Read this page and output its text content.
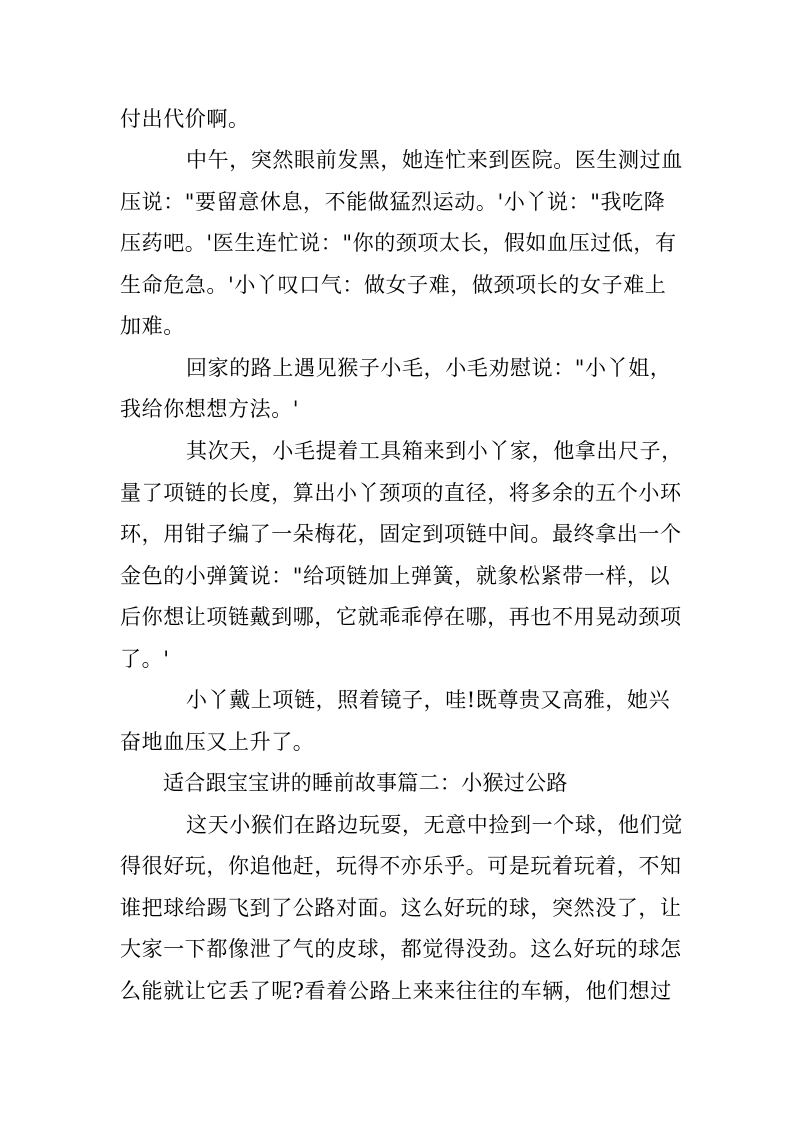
付出代价啊。
中午，突然眼前发黑，她连忙来到医院。医生测过血
压说："要留意休息，不能做猛烈运动。'小丫说："我吃降
压药吧。'医生连忙说："你的颈项太长，假如血压过低，有
生命危急。'小丫叹口气：做女子难，做颈项长的女子难上
加难。
回家的路上遇见猴子小毛，小毛劝慰说："小丫姐，
我给你想想方法。'
其次天，小毛提着工具箱来到小丫家，他拿出尺子，
量了项链的长度，算出小丫颈项的直径，将多余的五个小环
环，用钳子编了一朵梅花，固定到项链中间。最终拿出一个
金色的小弹簧说："给项链加上弹簧，就象松紧带一样，以
后你想让项链戴到哪，它就乖乖停在哪，再也不用晃动颈项
了。'
小丫戴上项链，照着镜子，哇!既尊贵又高雅，她兴
奋地血压又上升了。
适合跟宝宝讲的睡前故事篇二：小猴过公路
这天小猴们在路边玩耍，无意中捡到一个球，他们觉
得很好玩，你追他赶，玩得不亦乐乎。可是玩着玩着，不知
谁把球给踢飞到了公路对面。这么好玩的球，突然没了，让
大家一下都像泄了气的皮球，都觉得没劲。这么好玩的球怎
么能就让它丢了呢?看着公路上来来往往的车辆，他们想过
